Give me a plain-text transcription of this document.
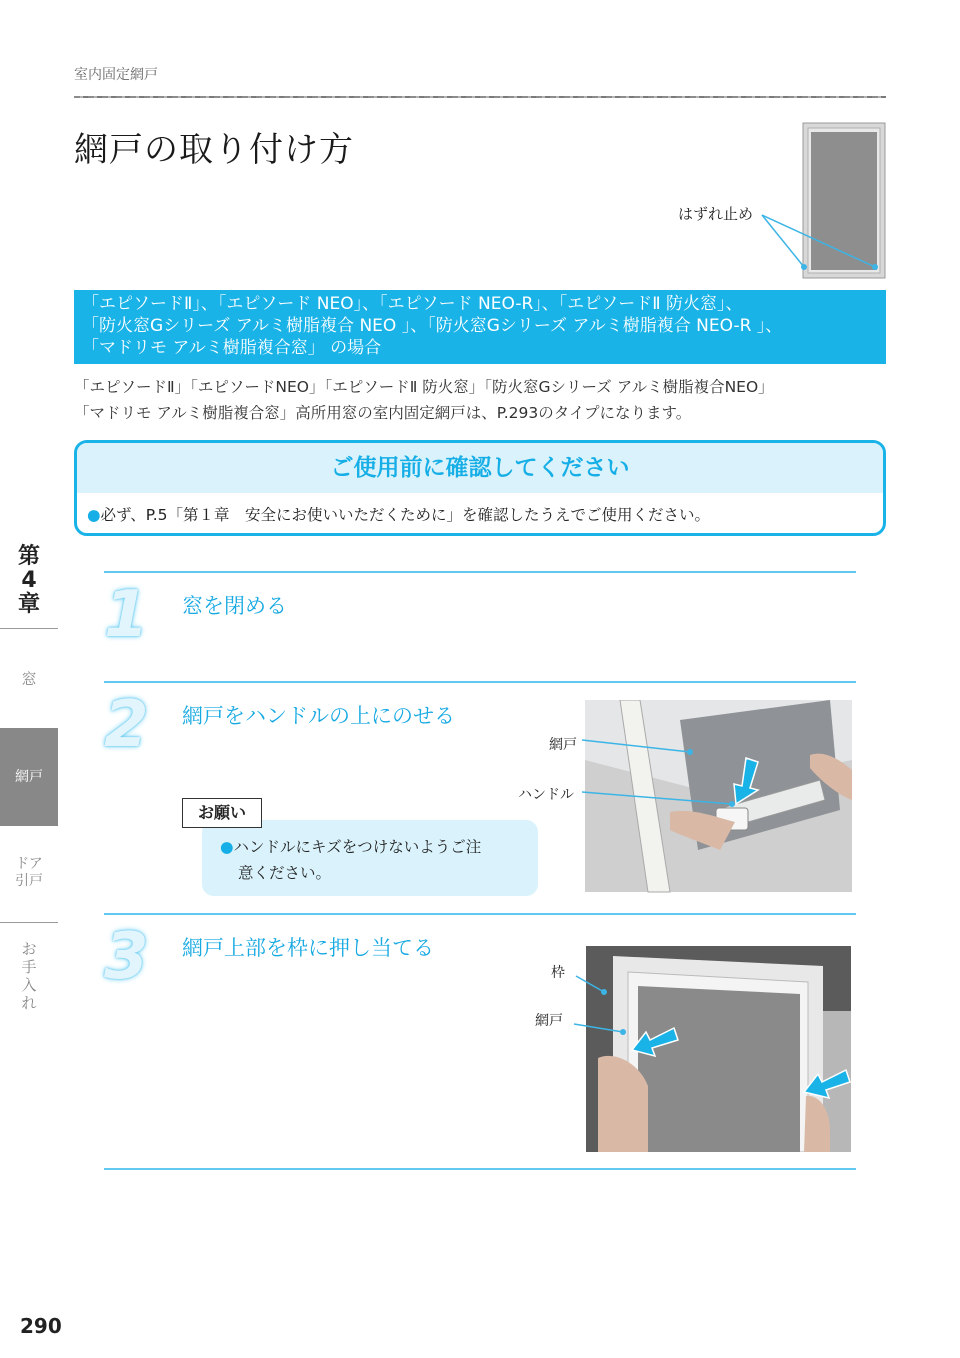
室内固定網戸
網戸の取り付け方
はずれ止め
「エピソードⅡ」、「エピソード NEO」、「エピソード NEO-R」、「エピソードⅡ 防火窓」、
「防火窓Gシリーズ アルミ樹脂複合 NEO 」、「防火窓Gシリーズ アルミ樹脂複合 NEO-R 」、
「マドリモ アルミ樹脂複合窓」 の場合
「エピソードⅡ」「エピソードNEO」「エピソードⅡ 防火窓」「防火窓Gシリーズ アルミ樹脂複合NEO」
「マドリモ アルミ樹脂複合窓」高所用窓の室内固定網戸は、P.293のタイプになります。
ご使用前に確認してください
●必ず、P.5「第１章　安全にお使いいただくために」を確認したうえでご使用ください。
第
4
章
窓
網戸
ドア
引戸
お
手
入
れ
1 窓を閉める
2 網戸をハンドルの上にのせる
網戸
ハンドル
●ハンドルにキズをつけないようご注
意ください。
お願い
3 網戸上部を枠に押し当てる
枠
網戸
290
